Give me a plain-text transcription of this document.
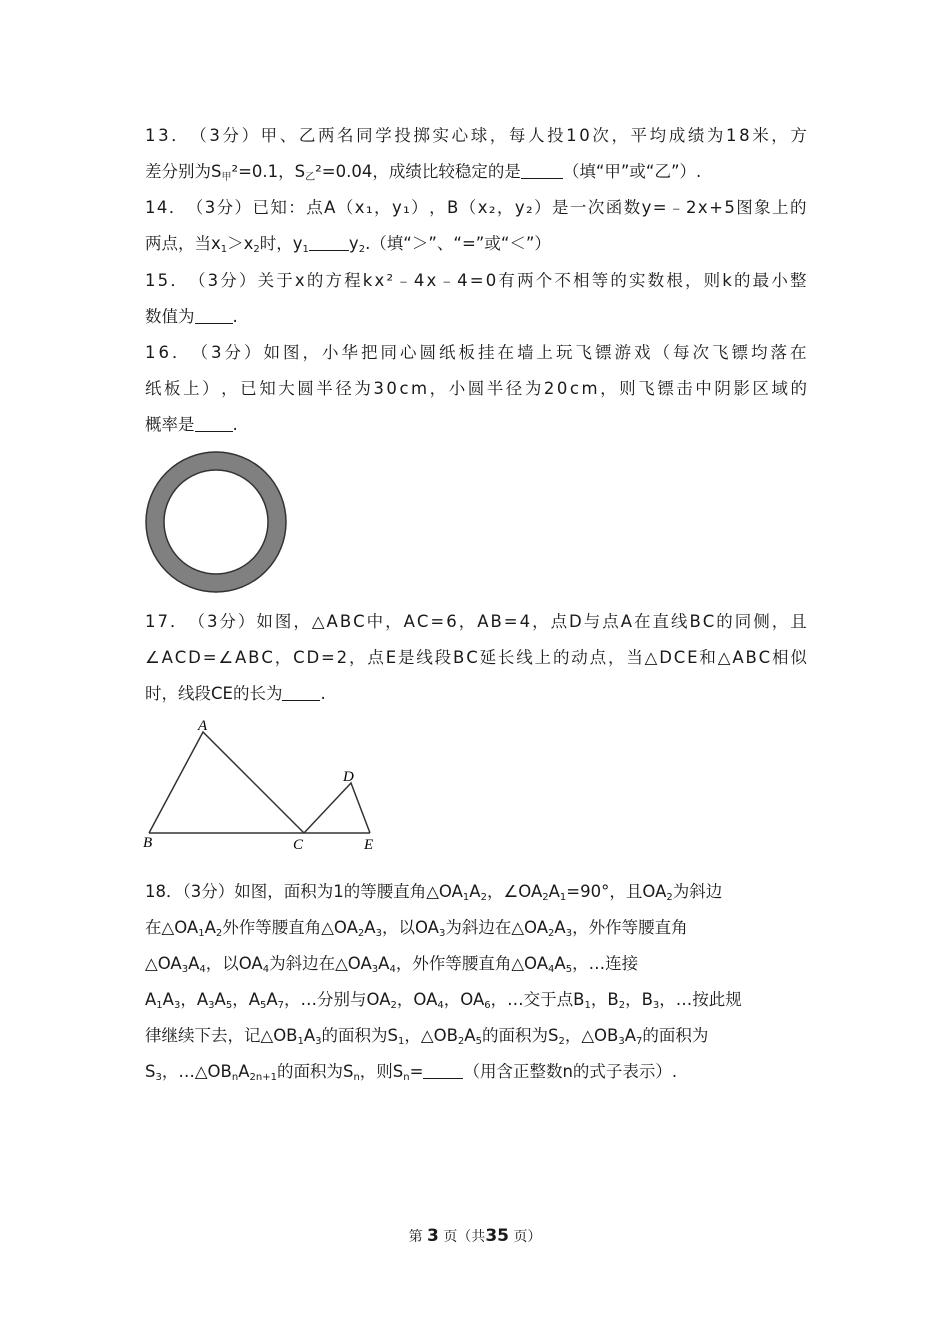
1 3 ． （ 3 分 ） 甲 、 乙 两 名 同 学 投 掷 实 心 球 ， 每 人 投 1 0 次 ， 平 均 成 绩 为 1 8 米 ， 方
差分别为$S_甲^2=0.1$，$S_乙^2=0.04$，成绩比较稳定的是	（填“甲”或“乙”）.
1 4 ． （ 3 分 ） 已 知 ： 点 A （ x ₁ ， y ₁ ） ， B （ x ₂ ， y ₂ ） 是 一 次 函 数 y = ﹣ 2 x + 5 图 象 上 的
两点，当$x_1>x_2$时，$y_1$ $y_2$.（填“＞”、“=”或“＜”）
1 5 ． （ 3 分 ） 关 于 x 的 方 程 k x ² ﹣ 4 x ﹣ 4 = 0 有 两 个 不 相 等 的 实 数 根 ， 则 k 的 最 小 整
数值为 .
1 6 ． （ 3 分 ） 如 图 ， 小 华 把 同 心 圆 纸 板 挂 在 墙 上 玩 飞 镖 游 戏 （ 每 次 飞 镖 均 落 在
纸 板 上 ） ， 已 知 大 圆 半 径 为 3 0 c m ， 小 圆 半 径 为 2 0 c m ， 则 飞 镖 击 中 阴 影 区 域 的
概率是 .
1 7 ． （ 3 分 ） 如 图 ， △ A B C 中 ， A C = 6 ， A B = 4 ， 点 D 与 点 A 在 直 线 B C 的 同 侧 ， 且
∠ A C D = ∠ A B C ， C D = 2 ， 点 E 是 线 段 B C 延 长 线 上 的 动 点 ， 当 △ D C E 和 △ A B C 相 似
时，线段CE的长为 .
A
B	C
D
E
18．（3分）如图，面积为1的等腰直角$\triangle OA_1A_2$，$\angle OA_2A_1=90^\circ$，且$OA_2$为斜边
在$\triangle OA_1A_2$外作等腰直角$\triangle OA_2A_3$，以$OA_3$为斜边在$\triangle OA_2A_3$，外作等腰直角
$\triangle OA_3A_4$，以$OA_4$为斜边在$\triangle OA_3A_4$，外作等腰直角$\triangle OA_4A_5$，…连接
$A_1A_3$，$A_3A_5$，$A_5A_7$，…分别与$OA_2$，$OA_4$，$OA_6$，…交于点$B_1$，$B_2$，$B_3$，…按此规
律继续下去，记$\triangle OB_1A_3$的面积为$S_1$，$\triangle OB_2A_5$的面积为$S_2$，$\triangle OB_3A_7$的面积为
$S_3$，$\dots\triangle OB_nA_{2n+1}$的面积为$S_n$，则$S_n=$ （用含正整数n的式子表示）.
第 3 页（共35 页）
